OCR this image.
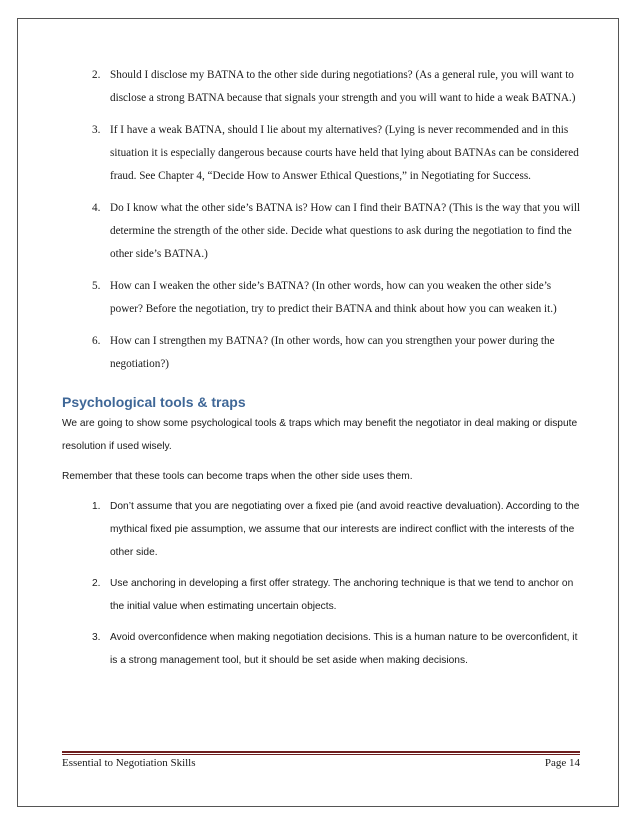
2. Should I disclose my BATNA to the other side during negotiations? (As a general rule, you will want to disclose a strong BATNA because that signals your strength and you will want to hide a weak BATNA.)
3. If I have a weak BATNA, should I lie about my alternatives? (Lying is never recommended and in this situation it is especially dangerous because courts have held that lying about BATNAs can be considered fraud. See Chapter 4, “Decide How to Answer Ethical Questions,” in Negotiating for Success.
4. Do I know what the other side’s BATNA is? How can I find their BATNA? (This is the way that you will determine the strength of the other side. Decide what questions to ask during the negotiation to find the other side’s BATNA.)
5. How can I weaken the other side’s BATNA? (In other words, how can you weaken the other side’s power? Before the negotiation, try to predict their BATNA and think about how you can weaken it.)
6. How can I strengthen my BATNA? (In other words, how can you strengthen your power during the negotiation?)
Psychological tools & traps

We are going to show some psychological tools & traps which may benefit the negotiator in deal making or dispute resolution if used wisely.

Remember that these tools can become traps when the other side uses them.

1. Don’t assume that you are negotiating over a fixed pie (and avoid reactive devaluation). According to the mythical fixed pie assumption, we assume that our interests are indirect conflict with the interests of the other side.
2. Use anchoring in developing a first offer strategy. The anchoring technique is that we tend to anchor on the initial value when estimating uncertain objects.
3. Avoid overconfidence when making negotiation decisions. This is a human nature to be overconfident, it is a strong management tool, but it should be set aside when making decisions.
Essential to Negotiation Skills	Page 14
